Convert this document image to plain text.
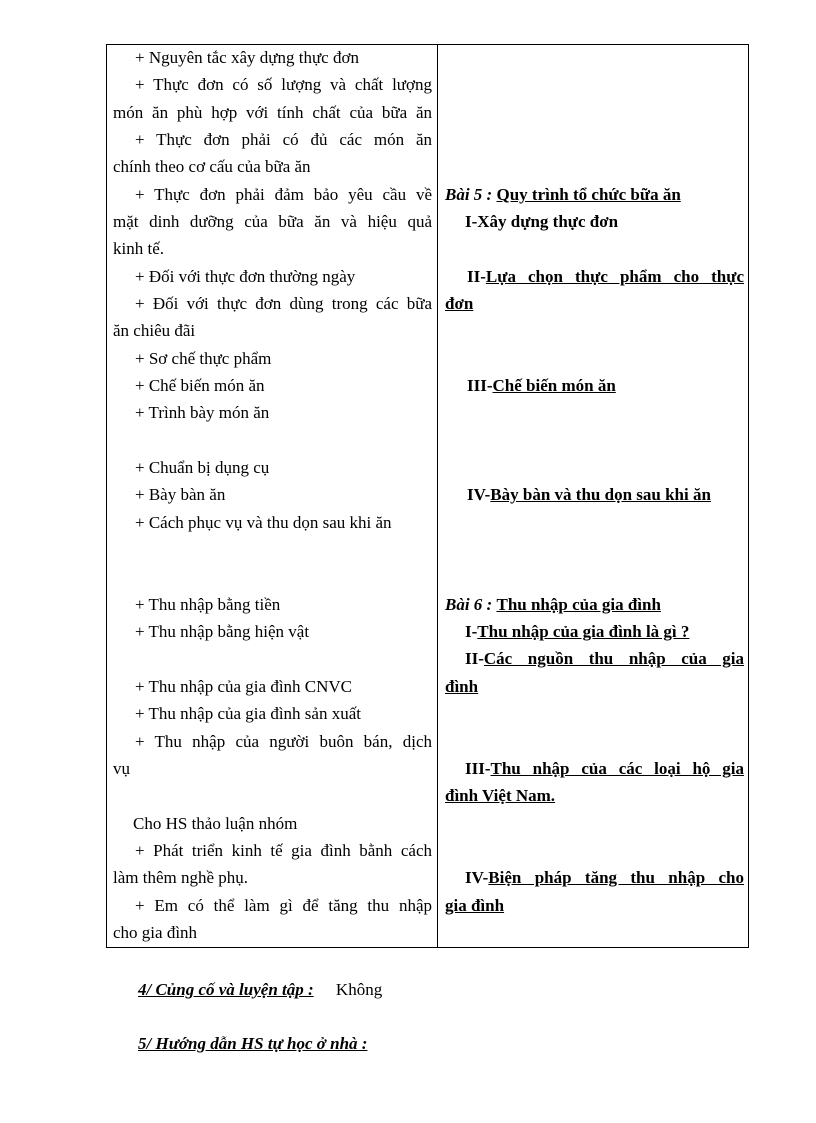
+ Nguyên tắc xây dựng thực đơn
+ Thực đơn có số lượng và chất lượng
món ăn phù hợp với tính chất của bữa ăn
+ Thực đơn phải có đủ các món ăn
chính theo cơ cấu của bữa ăn
+ Thực đơn phải đảm bảo yêu cầu về
mặt dinh dưỡng của bữa ăn và hiệu quả
kinh tế.
+ Đối với thực đơn thường ngày
+ Đối với thực đơn dùng trong các bữa
ăn chiêu đãi
+ Sơ chế thực phẩm
+ Chế biến món ăn
+ Trình bày món ăn
+ Chuẩn bị dụng cụ
+ Bày bàn ăn
+ Cách phục vụ và thu dọn sau khi ăn
+ Thu nhập bằng tiền
+ Thu nhập bằng hiện vật
+ Thu nhập của gia đình CNVC
+ Thu nhập của gia đình sản xuất
+ Thu nhập của người buôn bán, dịch
vụ
Cho HS thảo luận nhóm
+ Phát triển kinh tế gia đình bằnh cách
làm thêm nghề phụ.
+ Em có thể làm gì để tăng thu nhập
cho gia đình
Bài 5 : Quy trình tổ chức bữa ăn
I-Xây dựng thực đơn
II- Lựa chọn thực phẩm cho thực
đơn
III-Chế biến món ăn
IV-Bày bàn và thu dọn sau khi ăn
Bài 6 : Thu nhập của gia đình
I-Thu nhập của gia đình là gì ?
II- Các nguồn thu nhập của gia
đình
III- Thu nhập của các loại hộ gia
đình Việt Nam.
IV- Biện pháp tăng thu nhập cho
gia đình
4/ Củng cố và luyện tập : Không
5/ Hướng dẫn HS tự học ở nhà :
